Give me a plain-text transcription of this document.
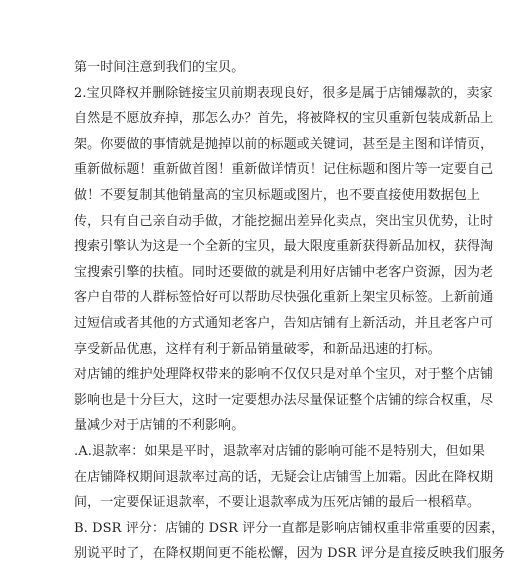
第一时间注意到我们的宝贝。
2.宝贝降权并删除链接宝贝前期表现良好，很多是属于店铺爆款的，卖家
自然是不愿放弃掉，那怎么办？首先，将被降权的宝贝重新包装成新品上
架。你要做的事情就是抛掉以前的标题或关键词，甚至是主图和详情页，
重新做标题！重新做首图！重新做详情页！记住标题和图片等一定要自己
做！不要复制其他销量高的宝贝标题或图片，也不要直接使用数据包上
传，只有自己亲自动手做，才能挖掘出差异化卖点，突出宝贝优势，让时
搜索引擎认为这是一个全新的宝贝，最大限度重新获得新品加权，获得淘
宝搜索引擎的扶植。同时还要做的就是利用好店铺中老客户资源，因为老
客户自带的人群标签恰好可以帮助尽快强化重新上架宝贝标签。上新前通
过短信或者其他的方式通知老客户，告知店铺有上新活动，并且老客户可
享受新品优惠，这样有利于新品销量破零，和新品迅速的打标。
对店铺的维护处理降权带来的影响不仅仅只是对单个宝贝，对于整个店铺
影响也是十分巨大，这时一定要想办法尽量保证整个店铺的综合权重，尽
量减少对于店铺的不利影响。
.A.退款率：如果是平时，退款率对店铺的影响可能不是特别大，但如果
在店铺降权期间退款率过高的话，无疑会让店铺雪上加霜。因此在降权期
间，一定要保证退款率，不要让退款率成为压死店铺的最后一根稻草。
B. DSR 评分：店铺的 DSR 评分一直都是影响店铺权重非常重要的因素，
别说平时了，在降权期间更不能松懈，因为 DSR 评分是直接反映我们服务
